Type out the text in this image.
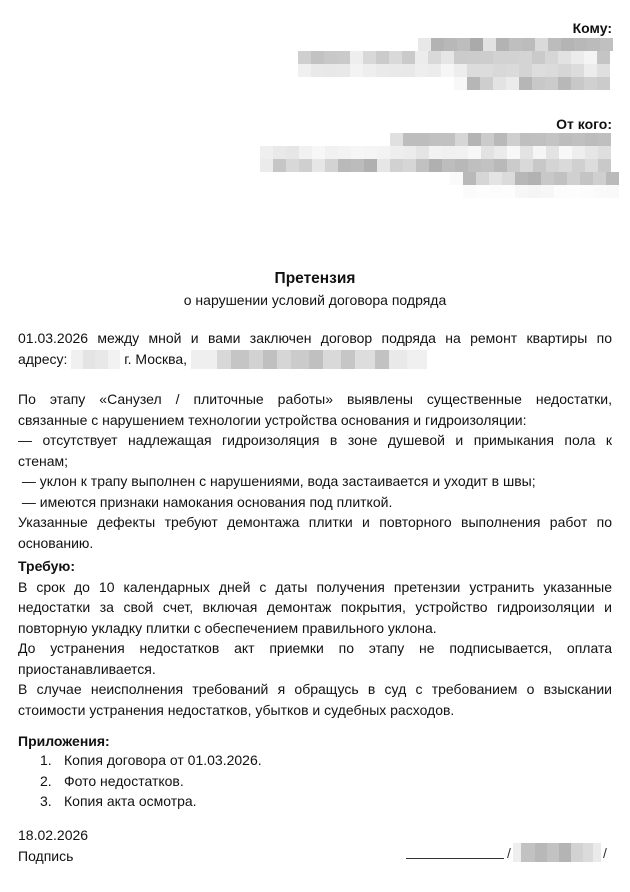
Кому:
От кого:
Претензия
о нарушении условий договора подряда
01.03.2026 между мной и вами заключен договор подряда на ремонт квартиры по
адресу:	г. Москва,
По этапу «Санузел / плиточные работы» выявлены существенные недостатки,
связанные с нарушением технологии устройства основания и гидроизоляции:
— отсутствует надлежащая гидроизоляция в зоне душевой и примыкания пола к
стенам;
— уклон к трапу выполнен с нарушениями, вода застаивается и уходит в швы;
— имеются признаки намокания основания под плиткой.
Указанные дефекты требуют демонтажа плитки и повторного выполнения работ по
основанию.
Требую:
В срок до 10 календарных дней с даты получения претензии устранить указанные
недостатки за свой счет, включая демонтаж покрытия, устройство гидроизоляции и
повторную укладку плитки с обеспечением правильного уклона.
До устранения недостатков акт приемки по этапу не подписывается, оплата
приостанавливается.
В случае неисполнения требований я обращусь в суд с требованием о взыскании
стоимости устранения недостатков, убытков и судебных расходов.
Приложения:
1. Копия договора от 01.03.2026.
2. Фото недостатков.
3. Копия акта осмотра.
18.02.2026
Подпись	/	/
